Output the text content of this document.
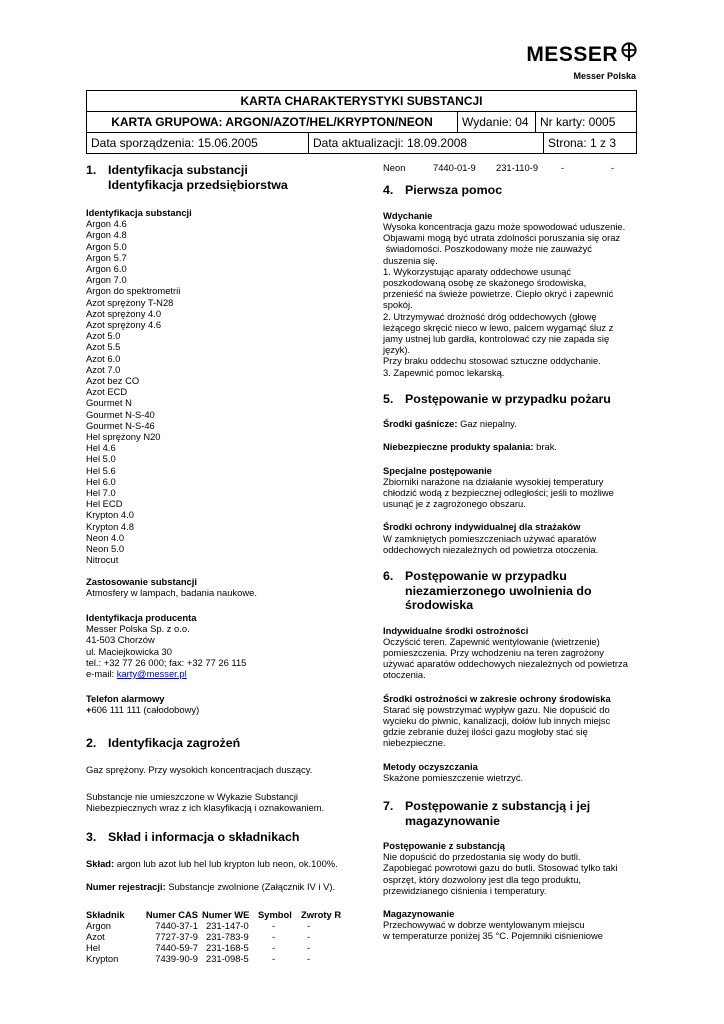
MESSER
Messer Polska
KARTA CHARAKTERYSTYKI SUBSTANCJI
KARTA GRUPOWA: ARGON/AZOT/HEL/KRYPTON/NEON	Wydanie: 04	Nr karty: 0005

Data sporządzenia: 15.06.2005	Data aktualizacji: 18.09.2008	Strona: 1 z 3
1. Identyfikacja substancji
Identyfikacja przedsiębiorstwa
Identyfikacja substancji
Argon 4.6
Argon 4.8
Argon 5.0
Argon 5.7
Argon 6.0
Argon 7.0
Argon do spektrometrii
Azot sprężony T-N28
Azot sprężony 4.0
Azot sprężony 4.6
Azot 5.0
Azot 5.5
Azot 6.0
Azot 7.0
Azot bez CO
Azot ECD
Gourmet N
Gourmet N-S-40
Gourmet N-S-46
Hel sprężony N20
Hel 4.6
Hel 5.0
Hel 5.6
Hel 6.0
Hel 7.0
Hel ECD
Krypton 4.0
Krypton 4.8
Neon 4.0
Neon 5.0
Nitrocut
Zastosowanie substancji
Atmosfery w lampach, badania naukowe.
Identyfikacja producenta
Messer Polska Sp. z o.o.
41-503 Chorzów
ul. Maciejkowicka 30
tel.: +32 77 26 000; fax: +32 77 26 115
e-mail: karty@messer.pl
Telefon alarmowy
+606 111 111 (całodobowy)
2. Identyfikacja zagrożeń
Gaz sprężony. Przy wysokich koncentracjach duszący.
Substancje nie umieszczone w Wykazie Substancji
Niebezpiecznych wraz z ich klasyfikacją i oznakowaniem.
3. Skład i informacja o składnikach
Skład: argon lub azot lub hel lub krypton lub neon, ok.100%.
Numer rejestracji: Substancje zwolnione (Załącznik IV i V).
Składnik	Numer CAS	Numer WE	Symbol	Zwroty R
Argon	7440-37-1	231-147-0	-	-
Azot	7727-37-9	231-783-9	-	-
Hel	7440-59-7	231-168-5	-	-
Krypton	7439-90-9	231-098-5	-	-
Neon	7440-01-9	231-110-9	-	-
4. Pierwsza pomoc
Wdychanie
Wysoka koncentracja gazu może spowodować uduszenie.
Objawami mogą być utrata zdolności poruszania się oraz
świadomości. Poszkodowany może nie zauważyć
duszenia się.
1. Wykorzystując aparaty oddechowe usunąć
poszkodowaną osobę ze skażonego środowiska,
przenieść na świeże powietrze. Ciepło okryć i zapewnić
spokój.
2. Utrzymywać drożność dróg oddechowych (głowę
leżącego skręcić nieco w lewo, palcem wygarnąć śluz z
jamy ustnej lub gardła, kontrolować czy nie zapada się
język).
Przy braku oddechu stosować sztuczne oddychanie.
3. Zapewnić pomoc lekarską.
5. Postępowanie w przypadku pożaru
Środki gaśnicze: Gaz niepalny.
Niebezpieczne produkty spalania: brak.
Specjalne postępowanie
Zbiorniki narażone na działanie wysokiej temperatury
chłodzić wodą z bezpiecznej odległości; jeśli to możliwe
usunąć je z zagrożonego obszaru.
Środki ochrony indywidualnej dla strażaków
W zamkniętych pomieszczeniach używać aparatów
oddechowych niezależnych od powietrza otoczenia.
6. Postępowanie w przypadku
niezamierzonego uwolnienia do
środowiska
Indywidualne środki ostrożności
Oczyścić teren. Zapewnić wentylowanie (wietrzenie)
pomieszczenia. Przy wchodzeniu na teren zagrożony
używać aparatów oddechowych niezależnych od powietrza
otoczenia.
Środki ostrożności w zakresie ochrony środowiska
Starać się powstrzymać wypływ gazu. Nie dopuścić do
wycieku do piwnic, kanalizacji, dołów lub innych miejsc
gdzie zebranie dużej ilości gazu mogłoby stać się
niebezpieczne.
Metody oczyszczania
Skażone pomieszczenie wietrzyć.
7. Postępowanie z substancją i jej
magazynowanie
Postępowanie z substancją
Nie dopuścić do przedostania się wody do butli.
Zapobiegać powrotowi gazu do butli. Stosować tylko taki
osprzęt, który dozwolony jest dla tego produktu,
przewidzianego ciśnienia i temperatury.
Magazynowanie
Przechowywać w dobrze wentylowanym miejscu
w temperaturze poniżej 35 °C. Pojemniki ciśnieniowe
